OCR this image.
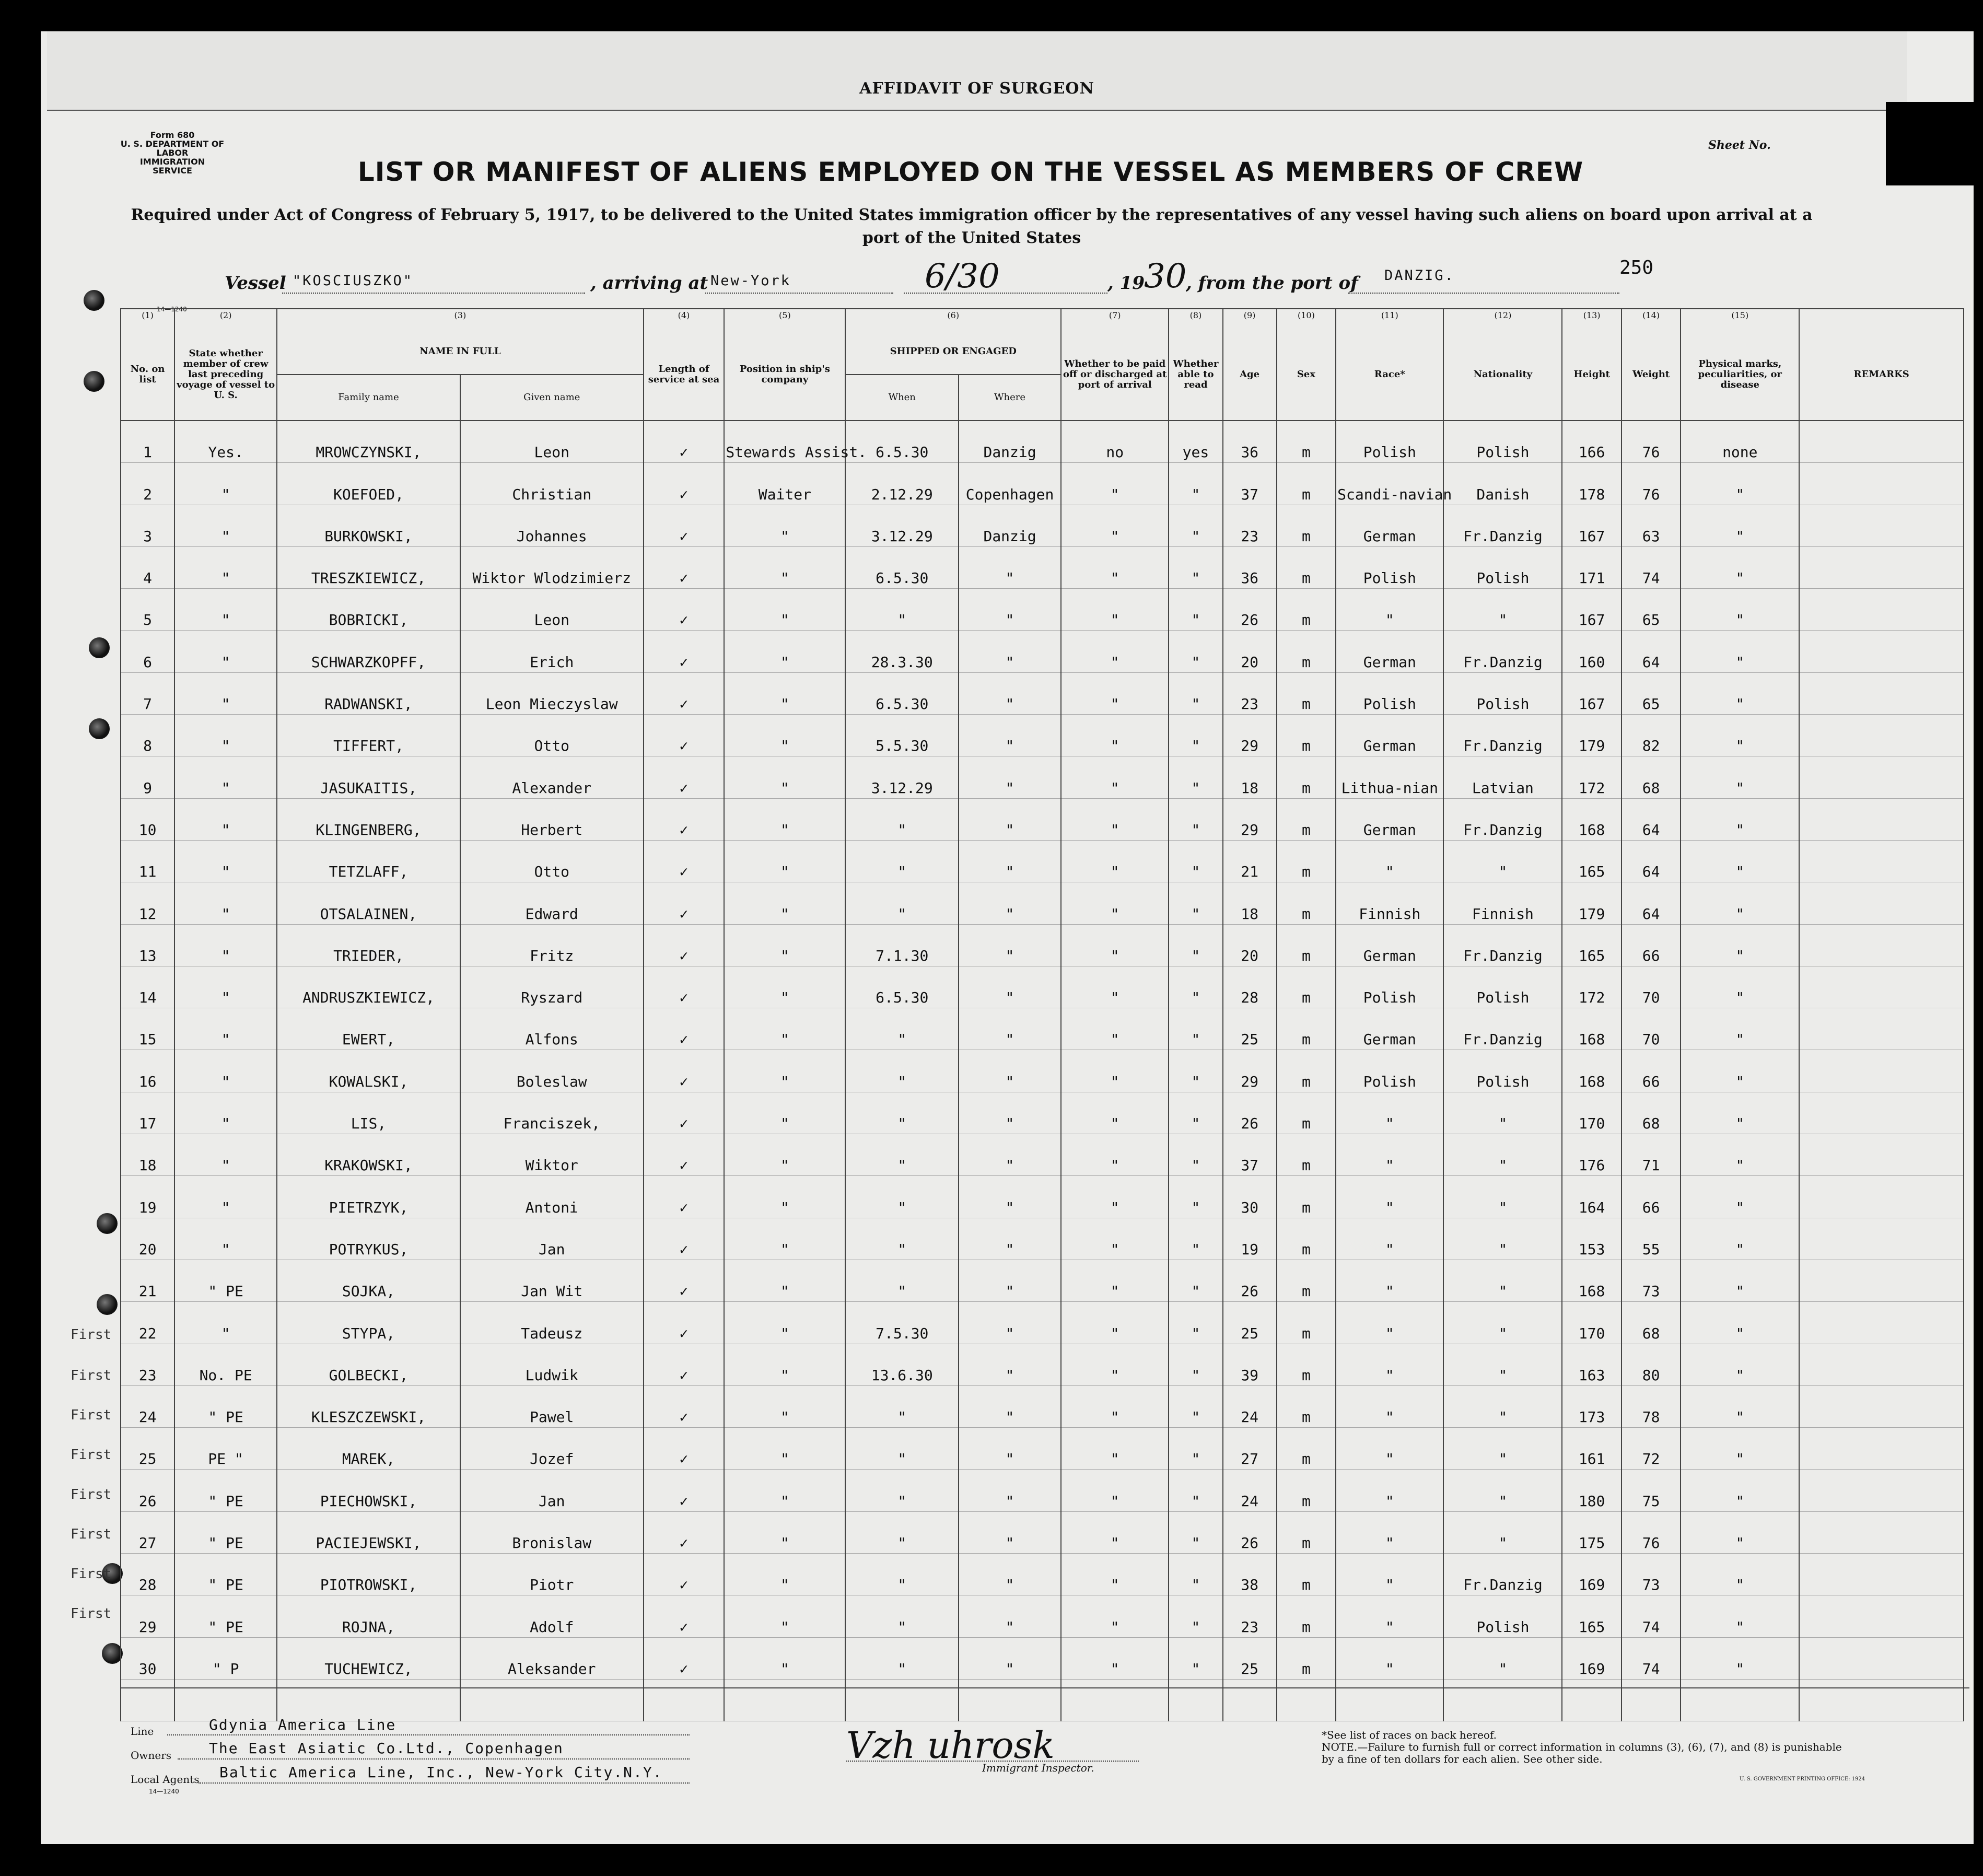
AFFIDAVIT OF SURGEON
Form 680
U. S. DEPARTMENT OF LABOR
IMMIGRATION SERVICE	LIST OR MANIFEST OF ALIENS EMPLOYED ON THE VESSEL AS MEMBERS OF CREW
Sheet No.
Required under Act of Congress of February 5, 1917, to be delivered to the United States immigration officer by the representatives of any vessel having such aliens on board upon arrival at a port of the United States
Vessel "KOSCIUSZKO"	, arriving at New-York	6/30	, 19 30
, from the port of DANZIG.	250
14—1240
First
First
First
First
First
First
First
First
(1)	(2)	(3)		(4)	(5)	(6)		(7)	(8)	(9)	(10)	(11)	(12)	(13)	(14)	(15)	
No. on list	State whether member of crew last preceding voyage of vessel to U. S.	NAME IN FULL		Length of service at sea	Position in ship's company	SHIPPED OR ENGAGED		Whether to be paid off or discharged at port of arrival	Whether able to read	Age	Sex	Race*	Nationality	Height	Weight	Physical marks, peculiarities, or disease	REMARKS
		Family name	Given name			When	Where										
1	Yes.	MROWCZYNSKI,	Leon	✓	Stewards Assist.	6.5.30	Danzig	no	yes	36	m	Polish	Polish	166	76	none	
2	"	KOEFOED,	Christian	✓	Waiter	2.12.29	Copenhagen	"	"	37	m	Scandi-navian	Danish	178	76	"	
3	"	BURKOWSKI,	Johannes	✓	"	3.12.29	Danzig	"	"	23	m	German	Fr.Danzig	167	63	"	
4	"	TRESZKIEWICZ,	Wiktor Wlodzimierz	✓	"	6.5.30	"	"	"	36	m	Polish	Polish	171	74	"	
5	"	BOBRICKI,	Leon	✓	"	"	"	"	"	26	m	"	"	167	65	"	
6	"	SCHWARZKOPFF,	Erich	✓	"	28.3.30	"	"	"	20	m	German	Fr.Danzig	160	64	"	
7	"	RADWANSKI,	Leon Mieczyslaw	✓	"	6.5.30	"	"	"	23	m	Polish	Polish	167	65	"	
8	"	TIFFERT,	Otto	✓	"	5.5.30	"	"	"	29	m	German	Fr.Danzig	179	82	"	
9	"	JASUKAITIS,	Alexander	✓	"	3.12.29	"	"	"	18	m	Lithua-nian	Latvian	172	68	"	
10	"	KLINGENBERG,	Herbert	✓	"	"	"	"	"	29	m	German	Fr.Danzig	168	64	"	
11	"	TETZLAFF,	Otto	✓	"	"	"	"	"	21	m	"	"	165	64	"	
12	"	OTSALAINEN,	Edward	✓	"	"	"	"	"	18	m	Finnish	Finnish	179	64	"	
13	"	TRIEDER,	Fritz	✓	"	7.1.30	"	"	"	20	m	German	Fr.Danzig	165	66	"	
14	"	ANDRUSZKIEWICZ,	Ryszard	✓	"	6.5.30	"	"	"	28	m	Polish	Polish	172	70	"	
15	"	EWERT,	Alfons	✓	"	"	"	"	"	25	m	German	Fr.Danzig	168	70	"	
16	"	KOWALSKI,	Boleslaw	✓	"	"	"	"	"	29	m	Polish	Polish	168	66	"	
17	"	LIS,	Franciszek,	✓	"	"	"	"	"	26	m	"	"	170	68	"	
18	"	KRAKOWSKI,	Wiktor	✓	"	"	"	"	"	37	m	"	"	176	71	"	
19	"	PIETRZYK,	Antoni	✓	"	"	"	"	"	30	m	"	"	164	66	"	
20	"	POTRYKUS,	Jan	✓	"	"	"	"	"	19	m	"	"	153	55	"	
21	" PE	SOJKA,	Jan Wit	✓	"	"	"	"	"	26	m	"	"	168	73	"	
22	"	STYPA,	Tadeusz	✓	"	7.5.30	"	"	"	25	m	"	"	170	68	"	
23	No. PE	GOLBECKI,	Ludwik	✓	"	13.6.30	"	"	"	39	m	"	"	163	80	"	
24	" PE	KLESZCZEWSKI,	Pawel	✓	"	"	"	"	"	24	m	"	"	173	78	"	
25	PE "	MAREK,	Jozef	✓	"	"	"	"	"	27	m	"	"	161	72	"	
26	" PE	PIECHOWSKI,	Jan	✓	"	"	"	"	"	24	m	"	"	180	75	"	
27	" PE	PACIEJEWSKI,	Bronislaw	✓	"	"	"	"	"	26	m	"	"	175	76	"	
28	" PE	PIOTROWSKI,	Piotr	✓	"	"	"	"	"	38	m	"	Fr.Danzig	169	73	"	
29	" PE	ROJNA,	Adolf	✓	"	"	"	"	"	23	m	"	Polish	165	74	"	
30	" P	TUCHEWICZ,	Aleksander	✓	"	"	"	"	"	25	m	"	"	169	74	"	

Line	Gdynia America Line
Owners	The East Asiatic Co.Ltd., Copenhagen
Local Agents Baltic America Line, Inc., New-York City.N.Y.
14—1240
Vzh uhrosk
Immigrant Inspector.
*See list of races on back hereof.
NOTE.—Failure to furnish full or correct information in columns (3), (6), (7), and (8) is punishable by a fine of ten dollars for each alien. See other side.
U. S. GOVERNMENT PRINTING OFFICE: 1924
